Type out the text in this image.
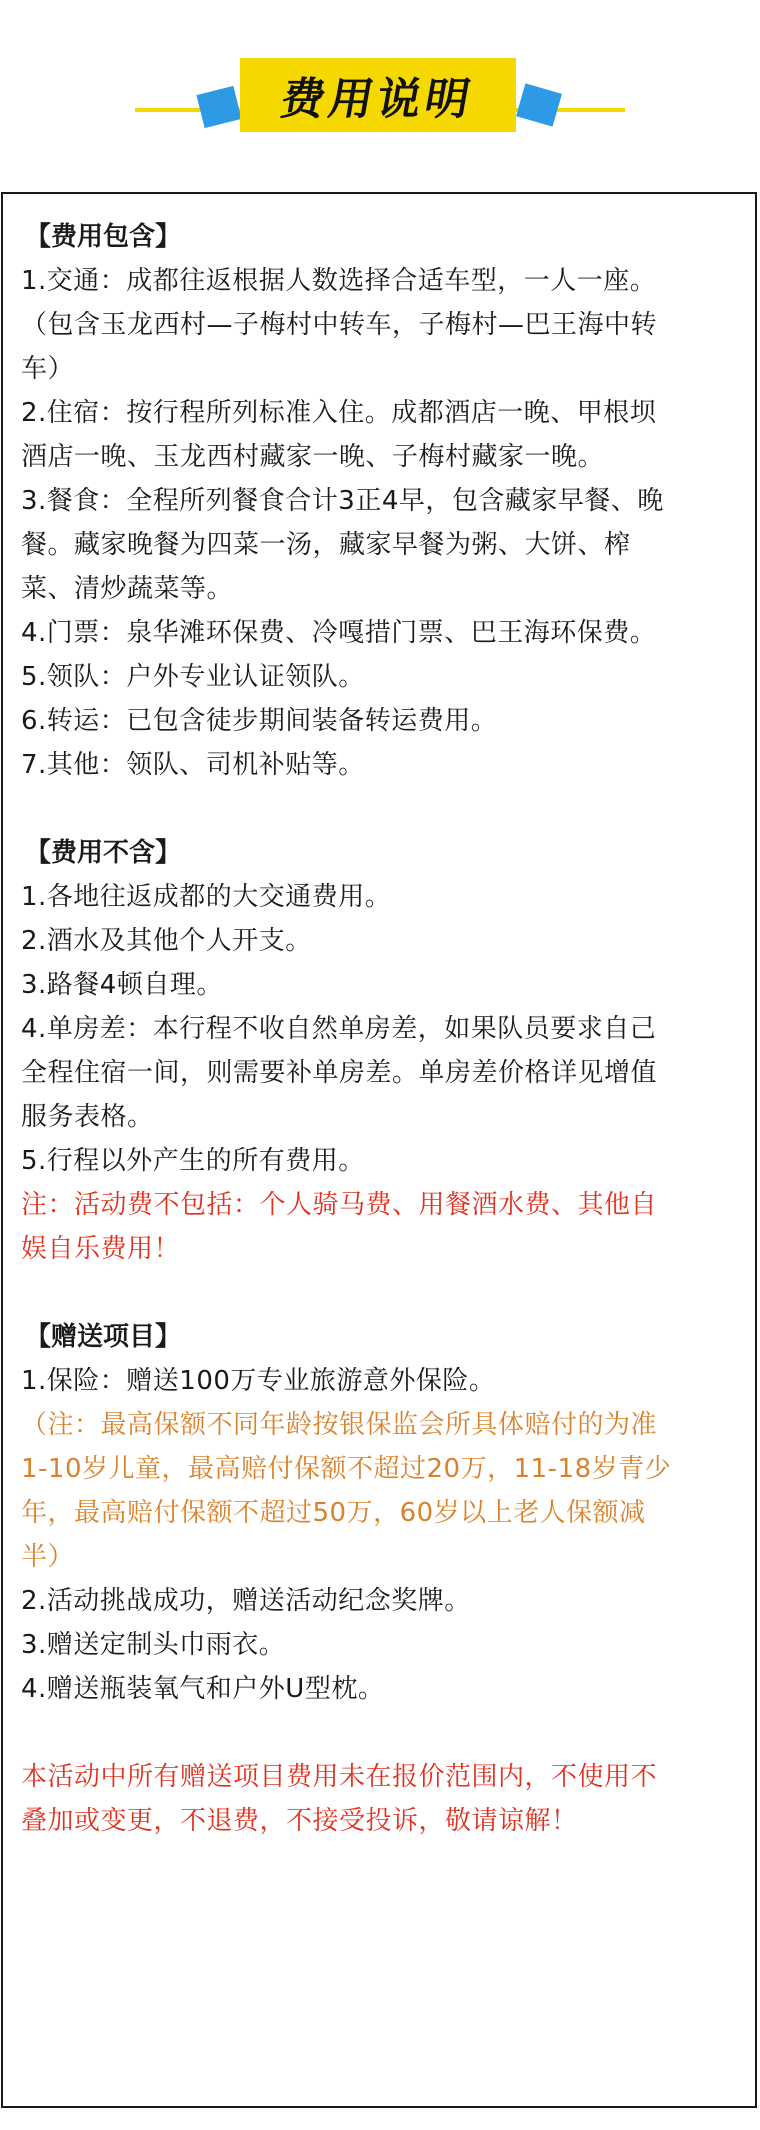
费用说明

【费用包含】

1.交通：成都往返根据人数选择合适车型，一人一座。

（包含玉龙西村—子梅村中转车，子梅村—巴王海中转

车）

2.住宿：按行程所列标准入住。成都酒店一晚、甲根坝

酒店一晚、玉龙西村藏家一晚、子梅村藏家一晚。

3.餐食：全程所列餐食合计3正4早，包含藏家早餐、晚

餐。藏家晚餐为四菜一汤，藏家早餐为粥、大饼、榨

菜、清炒蔬菜等。

4.门票：泉华滩环保费、冷嘎措门票、巴王海环保费。

5.领队：户外专业认证领队。

6.转运：已包含徒步期间装备转运费用。

7.其他：领队、司机补贴等。

【费用不含】

1.各地往返成都的大交通费用。

2.酒水及其他个人开支。

3.路餐4顿自理。

4.单房差：本行程不收自然单房差，如果队员要求自己

全程住宿一间，则需要补单房差。单房差价格详见增值

服务表格。

5.行程以外产生的所有费用。

注：活动费不包括：个人骑马费、用餐酒水费、其他自

娱自乐费用！

【赠送项目】

1.保险：赠送100万专业旅游意外保险。

（注：最高保额不同年龄按银保监会所具体赔付的为准

1-10岁儿童，最高赔付保额不超过20万，11-18岁青少

年，最高赔付保额不超过50万，60岁以上老人保额减

半）

2.活动挑战成功，赠送活动纪念奖牌。

3.赠送定制头巾雨衣。

4.赠送瓶装氧气和户外U型枕。

本活动中所有赠送项目费用未在报价范围内，不使用不

叠加或变更，不退费，不接受投诉，敬请谅解！
